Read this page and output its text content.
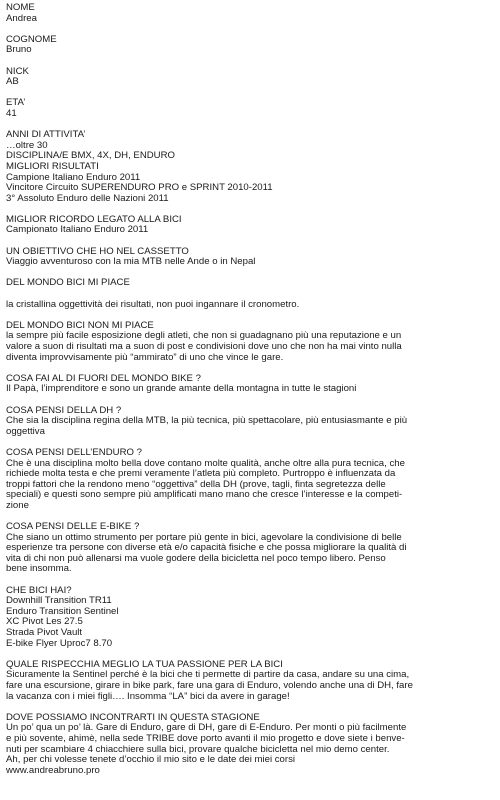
NOME
Andrea
COGNOME
Bruno
NICK
AB
ETA’
41
ANNI DI ATTIVITA’
…oltre 30
DISCIPLINA/E BMX, 4X, DH, ENDURO
MIGLIORI RISULTATI
Campione Italiano Enduro 2011
Vincitore Circuito SUPERENDURO PRO e SPRINT 2010-2011
3° Assoluto Enduro delle Nazioni 2011
MIGLIOR RICORDO LEGATO ALLA BICI
Campionato Italiano Enduro 2011
UN OBIETTIVO CHE HO NEL CASSETTO
Viaggio avventuroso con la mia MTB nelle Ande o in Nepal
DEL MONDO BICI MI PIACE
la cristallina oggettività dei risultati, non puoi ingannare il cronometro.
DEL MONDO BICI NON MI PIACE
la sempre più facile esposizione degli atleti, che non si guadagnano più una reputazione e un
valore a suon di risultati ma a suon di post e condivisioni dove uno che non ha mai vinto nulla
diventa improvvisamente più “ammirato” di uno che vince le gare.
COSA FAI AL DI FUORI DEL MONDO BIKE ?
Il Papà, l’imprenditore e sono un grande amante della montagna in tutte le stagioni
COSA PENSI DELLA DH ?
Che sia la disciplina regina della MTB, la più tecnica, più spettacolare, più entusiasmante e più
oggettiva
COSA PENSI DELL’ENDURO ?
Che è una disciplina molto bella dove contano molte qualità, anche oltre alla pura tecnica, che
richiede molta testa e che premi veramente l’atleta più completo. Purtroppo è influenzata da
troppi fattori che la rendono meno “oggettiva” della DH (prove, tagli, finta segretezza delle
speciali) e questi sono sempre più amplificati mano mano che cresce l’interesse e la competi-
zione
COSA PENSI DELLE E-BIKE ?
Che siano un ottimo strumento per portare più gente in bici, agevolare la condivisione di belle
esperienze tra persone con diverse età e/o capacità fisiche e che possa migliorare la qualità di
vita di chi non può allenarsi ma vuole godere della bicicletta nel poco tempo libero. Penso
bene insomma.
CHE BICI HAI?
Downhill Transition TR11
Enduro Transition Sentinel
XC Pivot Les 27.5
Strada Pivot Vault
E-bike Flyer Uproc7 8.70
QUALE RISPECCHIA MEGLIO LA TUA PASSIONE PER LA BICI
Sicuramente la Sentinel perché è la bici che ti permette di partire da casa, andare su una cima,
fare una escursione, girare in bike park, fare una gara di Enduro, volendo anche una di DH, fare
la vacanza con i miei figli…. Insomma “LA” bici da avere in garage!
DOVE POSSIAMO INCONTRARTI IN QUESTA STAGIONE
Un po’ qua un po’ là. Gare di Enduro, gare di DH, gare di E-Enduro. Per monti o più facilmente
e più sovente, ahimè, nella sede TRIBE dove porto avanti il mio progetto e dove siete i benve-
nuti per scambiare 4 chiacchiere sulla bici, provare qualche bicicletta nel mio demo center.
Ah, per chi volesse tenete d’occhio il mio sito e le date dei miei corsi
www.andreabruno.pro
